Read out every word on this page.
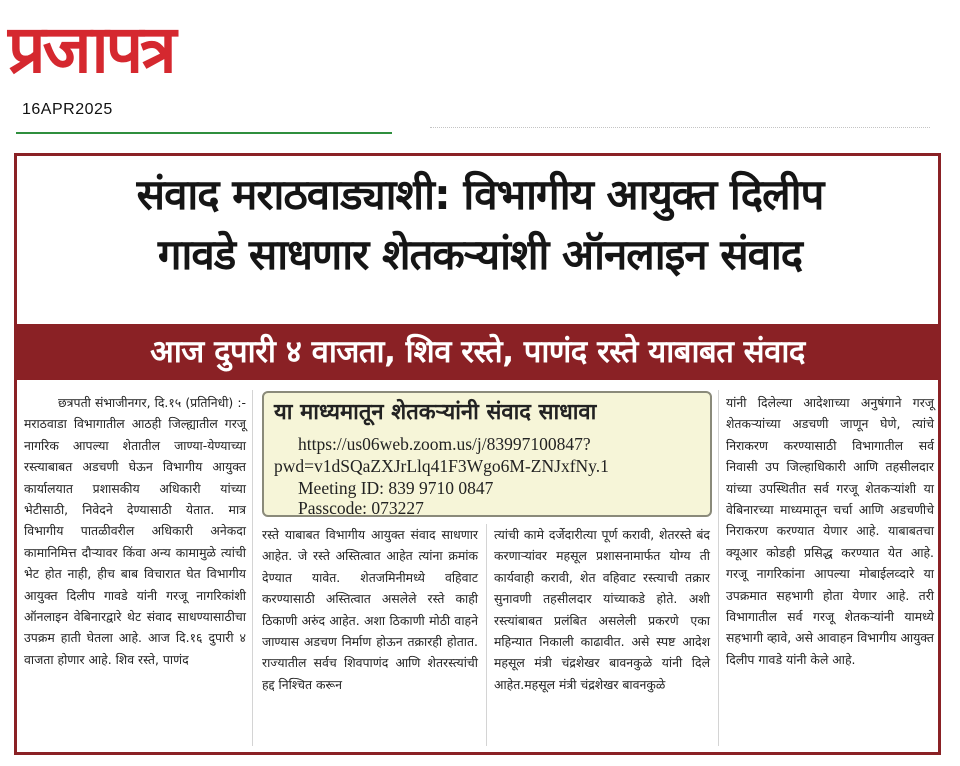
प्रजापत्र
16APR2025
संवाद मराठवाड्याशी: विभागीय आयुक्त दिलीप
गावडे साधणार शेतकऱ्यांशी ऑनलाइन संवाद
आज दुपारी ४ वाजता, शिव रस्ते, पाणंद रस्ते याबाबत संवाद

छत्रपती संभाजीनगर, दि.१५ (प्रतिनिधी) :- मराठवाडा विभागातील आठही जिल्ह्यातील गरजू नागरिक आपल्या शेतातील जाण्या-येण्याच्या रस्त्याबाबत अडचणी घेऊन विभागीय आयुक्त कार्यालयात प्रशासकीय अधिकारी यांच्या भेटीसाठी, निवेदने देण्यासाठी येतात. मात्र विभागीय पातळीवरील अधिकारी अनेकदा कामानिमित्त दौऱ्यावर किंवा अन्य कामामुळे त्यांची भेट होत नाही, हीच बाब विचारात घेत विभागीय आयुक्त दिलीप गावडे यांनी गरजू नागरिकांशी ऑनलाइन वेबिनारद्वारे थेट संवाद साधण्यासाठीचा उपक्रम हाती घेतला आहे. आज दि.१६ दुपारी ४ वाजता होणार आहे. शिव रस्ते, पाणंद

या माध्यमातून शेतकऱ्यांनी संवाद साधावा
https://us06web.zoom.us/j/83997100847?
pwd=v1dSQaZXJrLlq41F3Wgo6M-ZNJxfNy.1
Meeting ID: 839 9710 0847
Passcode: 073227

रस्ते याबाबत विभागीय आयुक्त संवाद साधणार आहेत. जे रस्ते अस्तित्वात आहेत त्यांना क्रमांक देण्यात यावेत. शेतजमिनीमध्ये वहिवाट करण्यासाठी अस्तित्वात असलेले रस्ते काही ठिकाणी अरुंद आहेत. अशा ठिकाणी मोठी वाहने जाण्यास अडचण निर्माण होऊन तक्रारही होतात. राज्यातील सर्वच शिवपाणंद आणि शेतरस्त्यांची हद्द निश्चित करून

त्यांची कामे दर्जेदारीत्या पूर्ण करावी, शेतरस्ते बंद करणाऱ्यांवर महसूल प्रशासनामार्फत योग्य ती कार्यवाही करावी, शेत वहिवाट रस्त्याची तक्रार सुनावणी तहसीलदार यांच्याकडे होते. अशी रस्त्यांबाबत प्रलंबित असलेली प्रकरणे एका महिन्यात निकाली काढावीत. असे स्पष्ट आदेश महसूल मंत्री चंद्रशेखर बावनकुळे यांनी दिले आहेत.महसूल मंत्री चंद्रशेखर बावनकुळे

यांनी दिलेल्या आदेशाच्या अनुषंगाने गरजू शेतकऱ्यांच्या अडचणी जाणून घेणे, त्यांचे निराकरण करण्यासाठी विभागातील सर्व निवासी उप जिल्हाधिकारी आणि तहसीलदार यांच्या उपस्थितीत सर्व गरजू शेतकऱ्यांशी या वेबिनारच्या माध्यमातून चर्चा आणि अडचणीचे निराकरण करण्यात येणार आहे. याबाबतचा क्यूआर कोडही प्रसिद्ध करण्यात येत आहे. गरजू नागरिकांना आपल्या मोबाईलव्दारे या उपक्रमात सहभागी होता येणार आहे. तरी विभागातील सर्व गरजू शेतकऱ्यांनी यामध्ये सहभागी व्हावे, असे आवाहन विभागीय आयुक्त दिलीप गावडे यांनी केले आहे.
